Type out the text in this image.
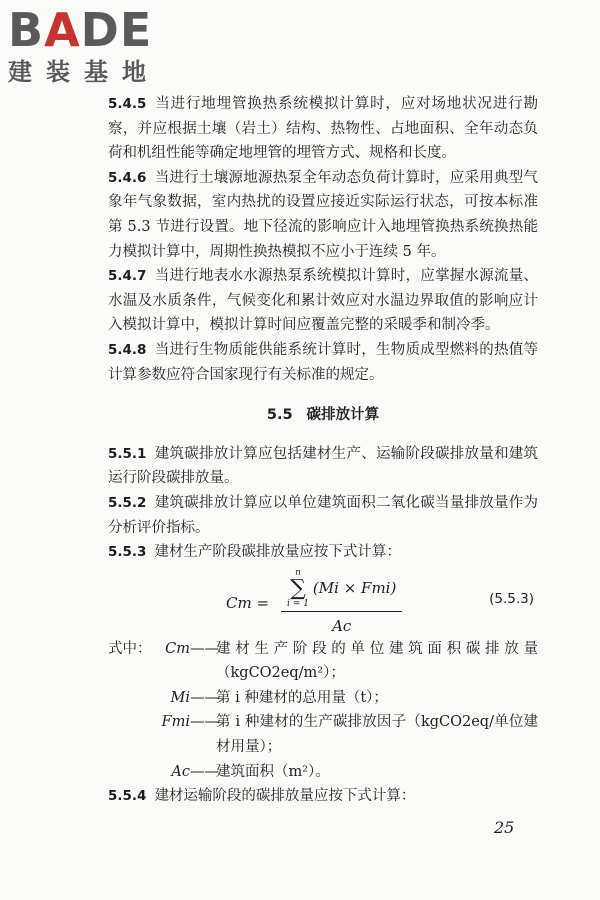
BADE
建装基地

5.4.5 当进行地埋管换热系统模拟计算时，应对场地状况进行勘察，并应根据土壤（岩土）结构、热物性、占地面积、全年动态负荷和机组性能等确定地埋管的埋管方式、规格和长度。

5.4.6 当进行土壤源地源热泵全年动态负荷计算时，应采用典型气象年气象数据，室内热扰的设置应接近实际运行状态，可按本标准第 5.3 节进行设置。地下径流的影响应计入地埋管换热系统换热能力模拟计算中，周期性换热模拟不应小于连续 5 年。

5.4.7 当进行地表水水源热泵系统模拟计算时，应掌握水源流量、水温及水质条件，气候变化和累计效应对水温边界取值的影响应计入模拟计算中，模拟计算时间应覆盖完整的采暖季和制冷季。

5.4.8 当进行生物质能供能系统计算时，生物质成型燃料的热值等计算参数应符合国家现行有关标准的规定。

5.5 碳排放计算

5.5.1 建筑碳排放计算应包括建材生产、运输阶段碳排放量和建筑运行阶段碳排放量。

5.5.2 建筑碳排放计算应以单位建筑面积二氧化碳当量排放量作为分析评价指标。

5.5.3 建材生产阶段碳排放量应按下式计算：

Cm =
n
∑
i = 1
(Mi × Fmi)
Ac
(5.5.3)
式中： Cm ——
建材生产阶段的单位建筑面积碳排放量（kgCO2eq/m²）；
Mi ——
第 i 种建材的总用量（t）；
Fmi ——
第 i 种建材的生产碳排放因子（kgCO2eq/单位建材用量）；
Ac ——
建筑面积（m²）。

5.5.4 建材运输阶段的碳排放量应按下式计算：

25
